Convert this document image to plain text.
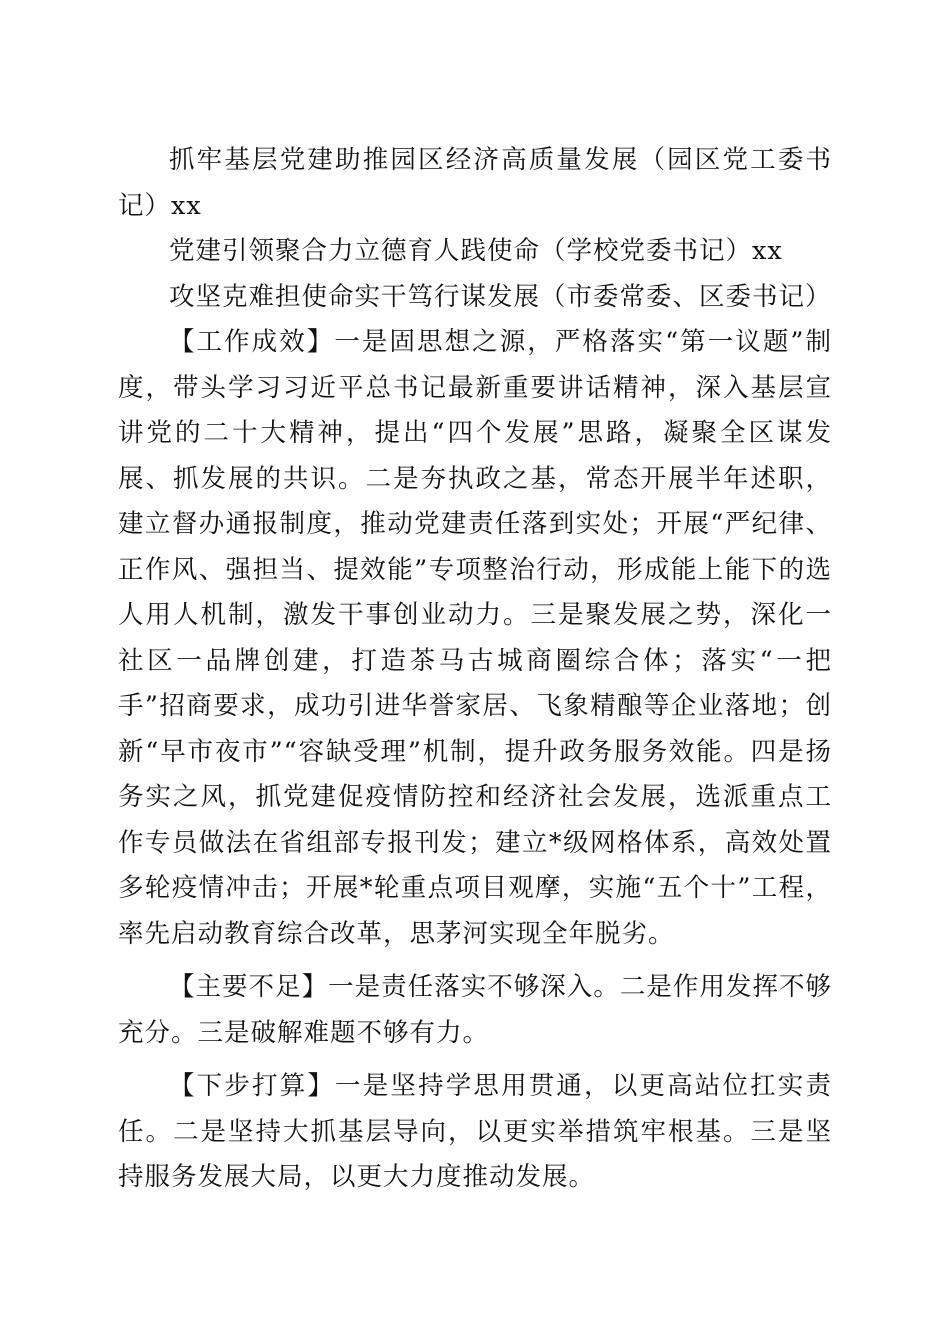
抓牢基层党建助推园区经济高质量发展（园区党工委书记）xx

党建引领聚合力立德育人践使命（学校党委书记）xx

攻坚克难担使命实干笃行谋发展（市委常委、区委书记）

【工作成效】一是固思想之源，严格落实“第一议题”制度，带头学习习近平总书记最新重要讲话精神，深入基层宣讲党的二十大精神，提出“四个发展”思路，凝聚全区谋发展、抓发展的共识。二是夯执政之基，常态开展半年述职，建立督办通报制度，推动党建责任落到实处；开展“严纪律、正作风、强担当、提效能”专项整治行动，形成能上能下的选人用人机制，激发干事创业动力。三是聚发展之势，深化一社区一品牌创建，打造茶马古城商圈综合体；落实“一把手”招商要求，成功引进华誉家居、飞象精酿等企业落地；创新“早市夜市”“容缺受理”机制，提升政务服务效能。四是扬务实之风，抓党建促疫情防控和经济社会发展，选派重点工作专员做法在省组部专报刊发；建立*级网格体系，高效处置多轮疫情冲击；开展*轮重点项目观摩，实施“五个十”工程，率先启动教育综合改革，思茅河实现全年脱劣。

【主要不足】一是责任落实不够深入。二是作用发挥不够充分。三是破解难题不够有力。

【下步打算】一是坚持学思用贯通，以更高站位扛实责任。二是坚持大抓基层导向，以更实举措筑牢根基。三是坚持服务发展大局，以更大力度推动发展。
